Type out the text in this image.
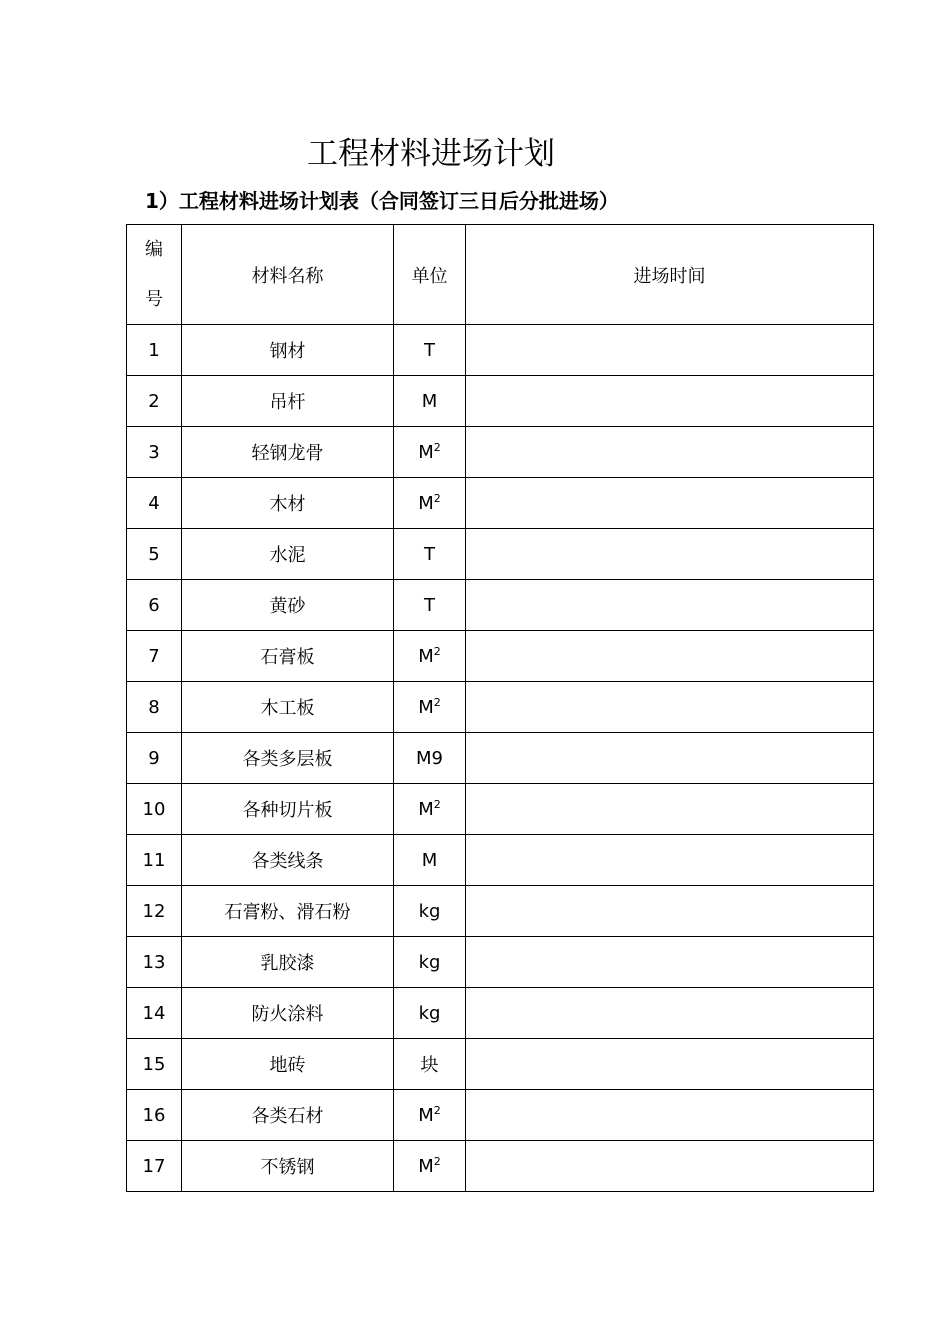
工程材料进场计划
1）工程材料进场计划表（合同签订三日后分批进场）
编
号	材料名称	单位	进场时间
1	钢材	T	
2	吊杆	M	
3	轻钢龙骨	$M^2$	
4	木材	$M^2$	
5	水泥	T	
6	黄砂	T	
7	石膏板	$M^2$	
8	木工板	$M^2$	
9	各类多层板	M9	
10	各种切片板	$M^2$	
11	各类线条	M	
12	石膏粉、滑石粉	kg	
13	乳胶漆	kg	
14	防火涂料	kg	
15	地砖	块	
16	各类石材	$M^2$	
17	不锈钢	$M^2$	
